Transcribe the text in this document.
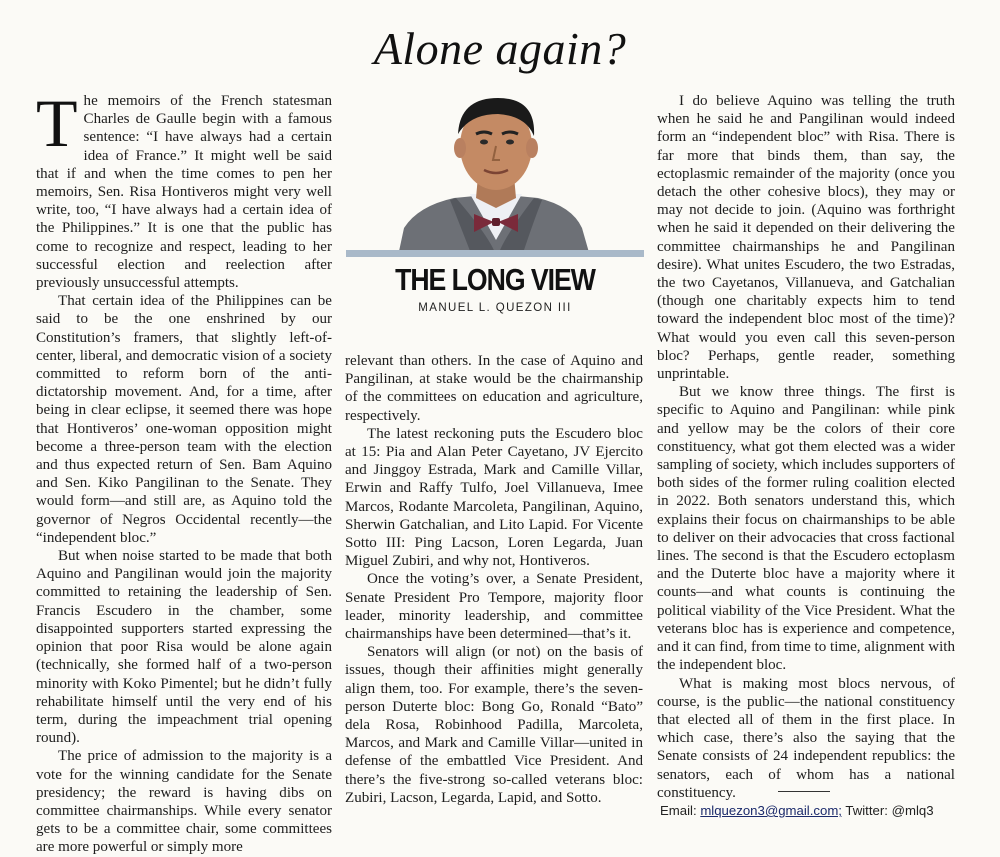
Alone again?

The memoirs of the French statesman Charles de Gaulle begin with a famous sentence: “I have always had a certain idea of France.” It might well be said that if and when the time comes to pen her memoirs, Sen. Risa Hontiveros might very well write, too, “I have always had a certain idea of the Philippines.” It is one that the public has come to recognize and respect, leading to her successful election and reelection after previously unsuccessful attempts.

That certain idea of the Philippines can be said to be the one enshrined by our Constitution’s framers, that slightly left-of-center, liberal, and democratic vision of a society committed to reform born of the anti-dictatorship movement. And, for a time, after being in clear eclipse, it seemed there was hope that Hontiveros’ one-woman opposition might become a three-person team with the election and thus expected return of Sen. Bam Aquino and Sen. Kiko Pangilinan to the Senate. They would form—and still are, as Aquino told the governor of Negros Occidental recently—the “independent bloc.”

But when noise started to be made that both Aquino and Pangilinan would join the majority committed to retaining the leadership of Sen. Francis Escudero in the chamber, some disappointed supporters started expressing the opinion that poor Risa would be alone again (technically, she formed half of a two-person minority with Koko Pimentel; but he didn’t fully rehabilitate himself until the very end of his term, during the impeachment trial opening round).

The price of admission to the majority is a vote for the winning candidate for the Senate presidency; the reward is having dibs on committee chairmanships. While every senator gets to be a committee chair, some committees are more powerful or simply more

THE LONG VIEW
MANUEL L. QUEZON III

relevant than others. In the case of Aquino and Pangilinan, at stake would be the chairmanship of the committees on education and agriculture, respectively.

The latest reckoning puts the Escudero bloc at 15: Pia and Alan Peter Cayetano, JV Ejercito and Jinggoy Estrada, Mark and Camille Villar, Erwin and Raffy Tulfo, Joel Villanueva, Imee Marcos, Rodante Marcoleta, Pangilinan, Aquino, Sherwin Gatchalian, and Lito Lapid. For Vicente Sotto III: Ping Lacson, Loren Legarda, Juan Miguel Zubiri, and why not, Hontiveros.

Once the voting’s over, a Senate President, Senate President Pro Tempore, majority floor leader, minority leadership, and committee chairmanships have been determined—that’s it.

Senators will align (or not) on the basis of issues, though their affinities might generally align them, too. For example, there’s the seven-person Duterte bloc: Bong Go, Ronald “Bato” dela Rosa, Robinhood Padilla, Marcoleta, Marcos, and Mark and Camille Villar—united in defense of the embattled Vice President. And there’s the five-strong so-called veterans bloc: Zubiri, Lacson, Legarda, Lapid, and Sotto.

I do believe Aquino was telling the truth when he said he and Pangilinan would indeed form an “independent bloc” with Risa. There is far more that binds them, than say, the ectoplasmic remainder of the majority (once you detach the other cohesive blocs), they may or may not decide to join. (Aquino was forthright when he said it depended on their delivering the committee chairmanships he and Pangilinan desire). What unites Escudero, the two Estradas, the two Cayetanos, Villanueva, and Gatchalian (though one charitably expects him to tend toward the independent bloc most of the time)? What would you even call this seven-person bloc? Perhaps, gentle reader, something unprintable.

But we know three things. The first is specific to Aquino and Pangilinan: while pink and yellow may be the colors of their core constituency, what got them elected was a wider sampling of society, which includes supporters of both sides of the former ruling coalition elected in 2022. Both senators understand this, which explains their focus on chairmanships to be able to deliver on their advocacies that cross factional lines. The second is that the Escudero ectoplasm and the Duterte bloc have a majority where it counts—and what counts is continuing the political viability of the Vice President. What the veterans bloc has is experience and competence, and it can find, from time to time, alignment with the independent bloc.

What is making most blocs nervous, of course, is the public—the national constituency that elected all of them in the first place. In which case, there’s also the saying that the Senate consists of 24 independent republics: the senators, each of whom has a national constituency.

Email: mlquezon3@gmail.com; Twitter: @mlq3
